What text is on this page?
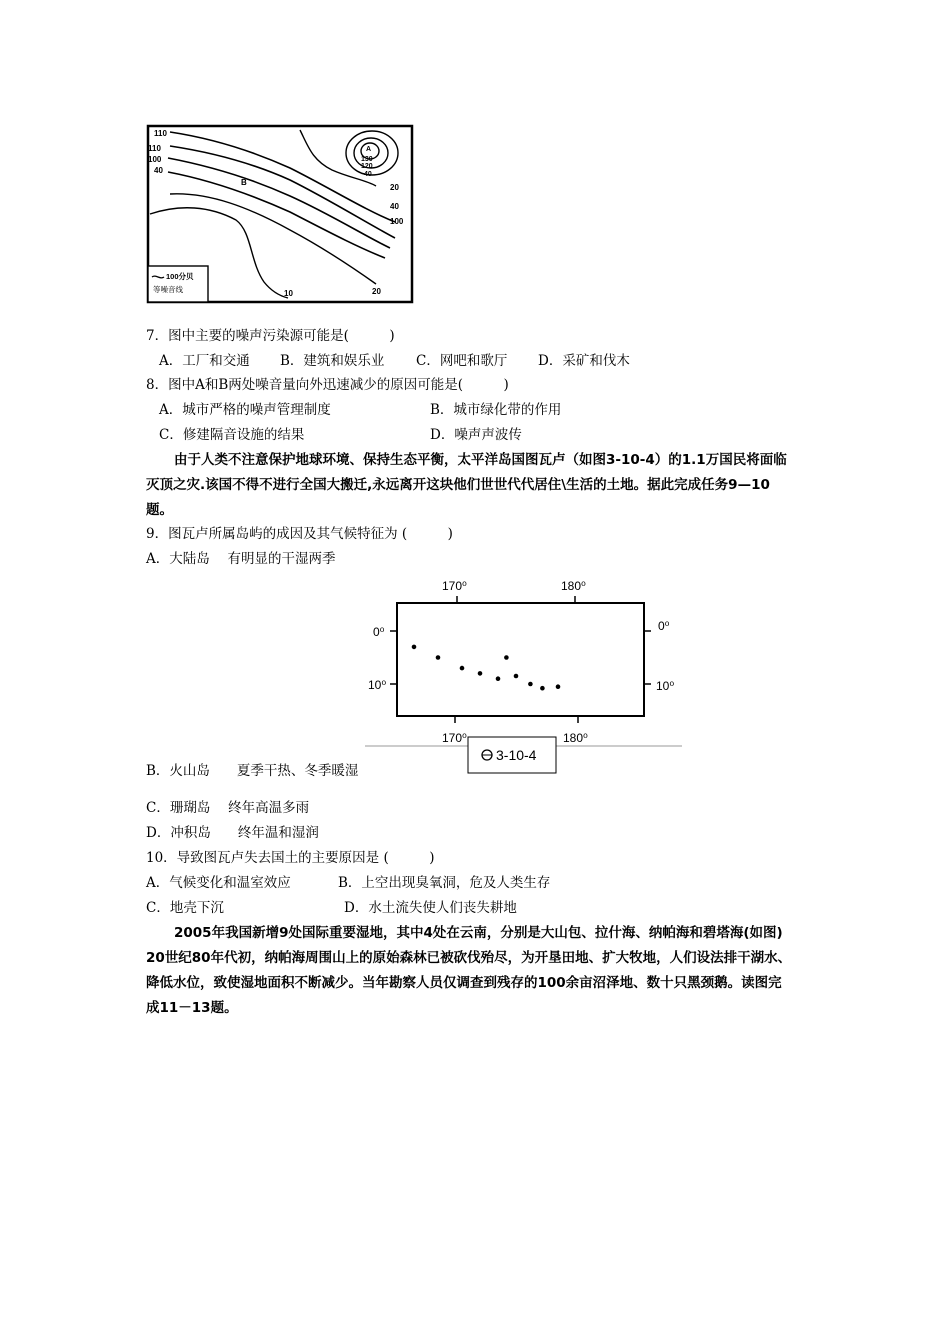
110
110
100
40
A
130
120
40
B
20
40
100
10	20
100分贝
等噪音线
7．图中主要的噪声污染源可能是(　　　)
A．工厂和交通 B．建筑和娱乐业 C．网吧和歌厅 D．采矿和伐木
8．图中A和B两处噪音量向外迅速减少的原因可能是(　　　)
A．城市严格的噪声管理制度	B．城市绿化带的作用
C．修建隔音设施的结果	D．噪声声波传
由于人类不注意保护地球环境、保持生态平衡，太平洋岛国图瓦卢（如图3-10-4）的1.1万国民将面临
灭顶之灾.该国不得不进行全国大搬迁,永远离开这块他们世世代代居住\生活的土地。据此完成任务9—10
题。
9．图瓦卢所属岛屿的成因及其气候特征为 (　　　)
A．大陆岛　 有明显的干湿两季
170⁰	180⁰
170⁰	180⁰
0⁰
10⁰
0⁰
10⁰
3-10-4
B．火山岛　　夏季干热、冬季暖湿
C．珊瑚岛　 终年高温多雨
D．冲积岛　　终年温和湿润
10．导致图瓦卢失去国土的主要原因是 (　　　)
A．气候变化和温室效应	B．上空出现臭氧洞，危及人类生存
C．地壳下沉	D．水土流失使人们丧失耕地
2005年我国新增9处国际重要湿地，其中4处在云南，分别是大山包、拉什海、纳帕海和碧塔海(如图)
20世纪80年代初，纳帕海周围山上的原始森林已被砍伐殆尽，为开垦田地、扩大牧地，人们设法排干湖水、
降低水位，致使湿地面积不断减少。当年勘察人员仅调查到残存的100余亩沼泽地、数十只黑颈鹅。读图完
成11－13题。
